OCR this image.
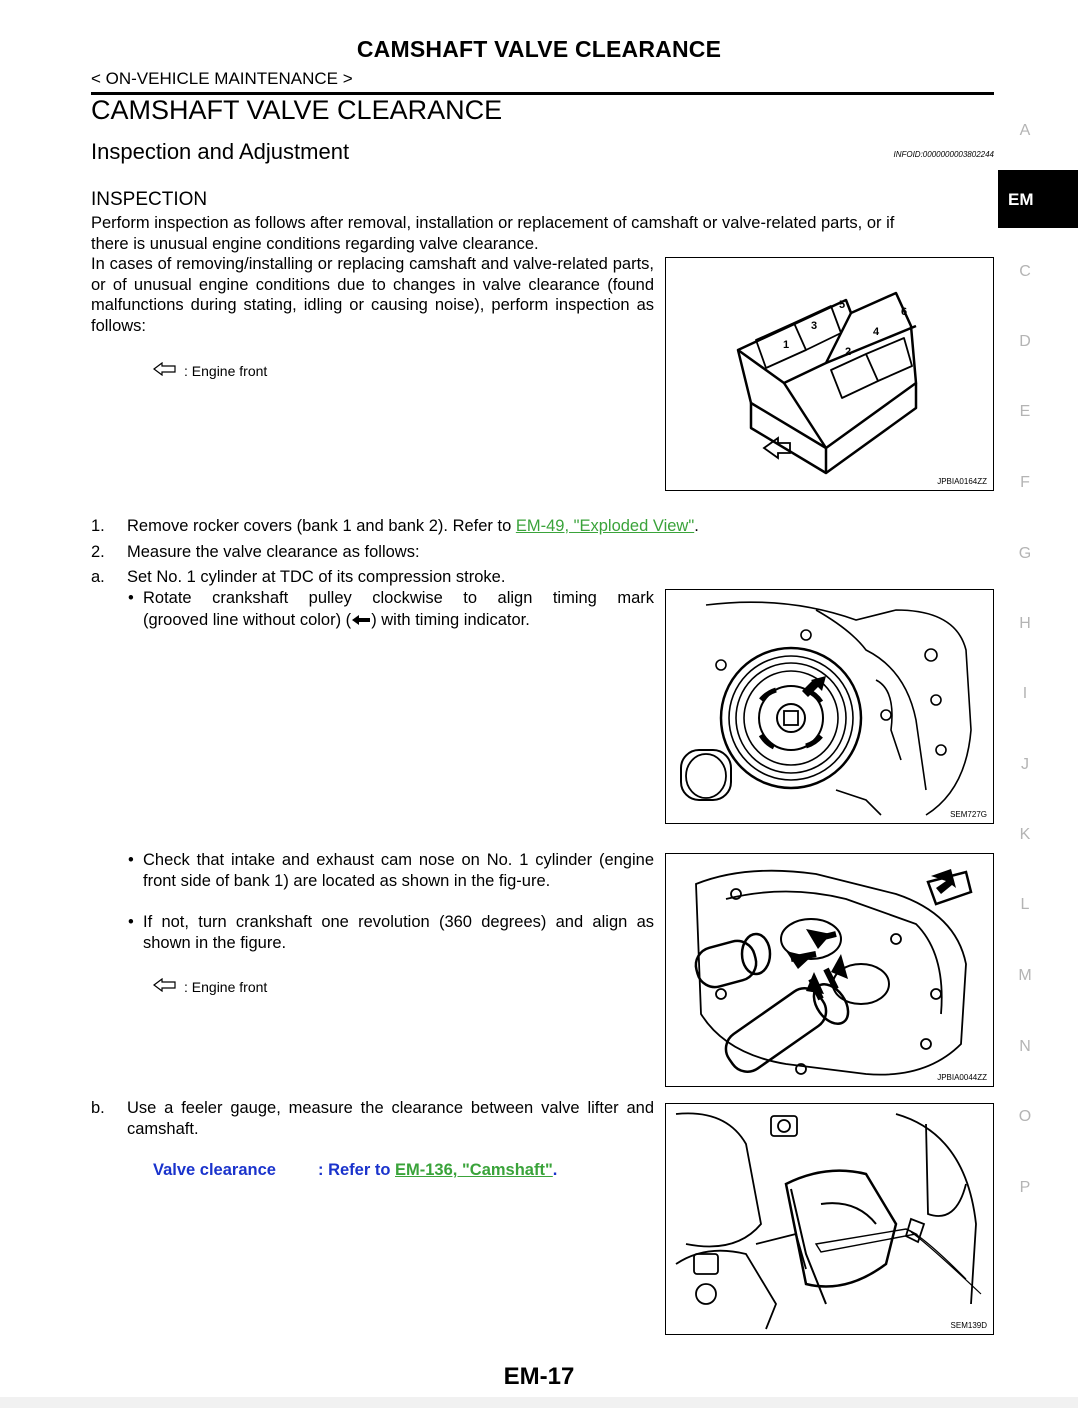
CAMSHAFT VALVE CLEARANCE
< ON-VEHICLE MAINTENANCE >
CAMSHAFT VALVE CLEARANCE
Inspection and Adjustment	INFOID:0000000003802244
INSPECTION
Perform inspection as follows after removal, installation or replacement of camshaft or valve-related parts, or if
there is unusual engine conditions regarding valve clearance.
In cases of removing/installing or replacing camshaft and valve-related parts, or of unusual engine conditions due to changes in valve clearance (found malfunctions during stating, idling or causing noise), perform inspection as follows:
: Engine front
1
2
3	4
5
6
JPBIA0164ZZ
1. Remove rocker covers (bank 1 and bank 2). Refer to EM-49, "Exploded View".
2. Measure the valve clearance as follows:
a. Set No. 1 cylinder at TDC of its compression stroke.
• Rotate crankshaft pulley clockwise to align timing mark
(grooved line without color) ( ) with timing indicator.
SEM727G
• Check that intake and exhaust cam nose on No. 1 cylinder (engine front side of bank 1) are located as shown in the fig-ure.
• If not, turn crankshaft one revolution (360 degrees) and align as shown in the figure.
: Engine front
JPBIA0044ZZ
b. Use a feeler gauge, measure the clearance between valve lifter and camshaft.
Valve clearance	: Refer to EM-136, "Camshaft".
SEM139D
A
C
D
E
F
G
H
I
J
K
L
M
N
O
P
EM
EM-17
